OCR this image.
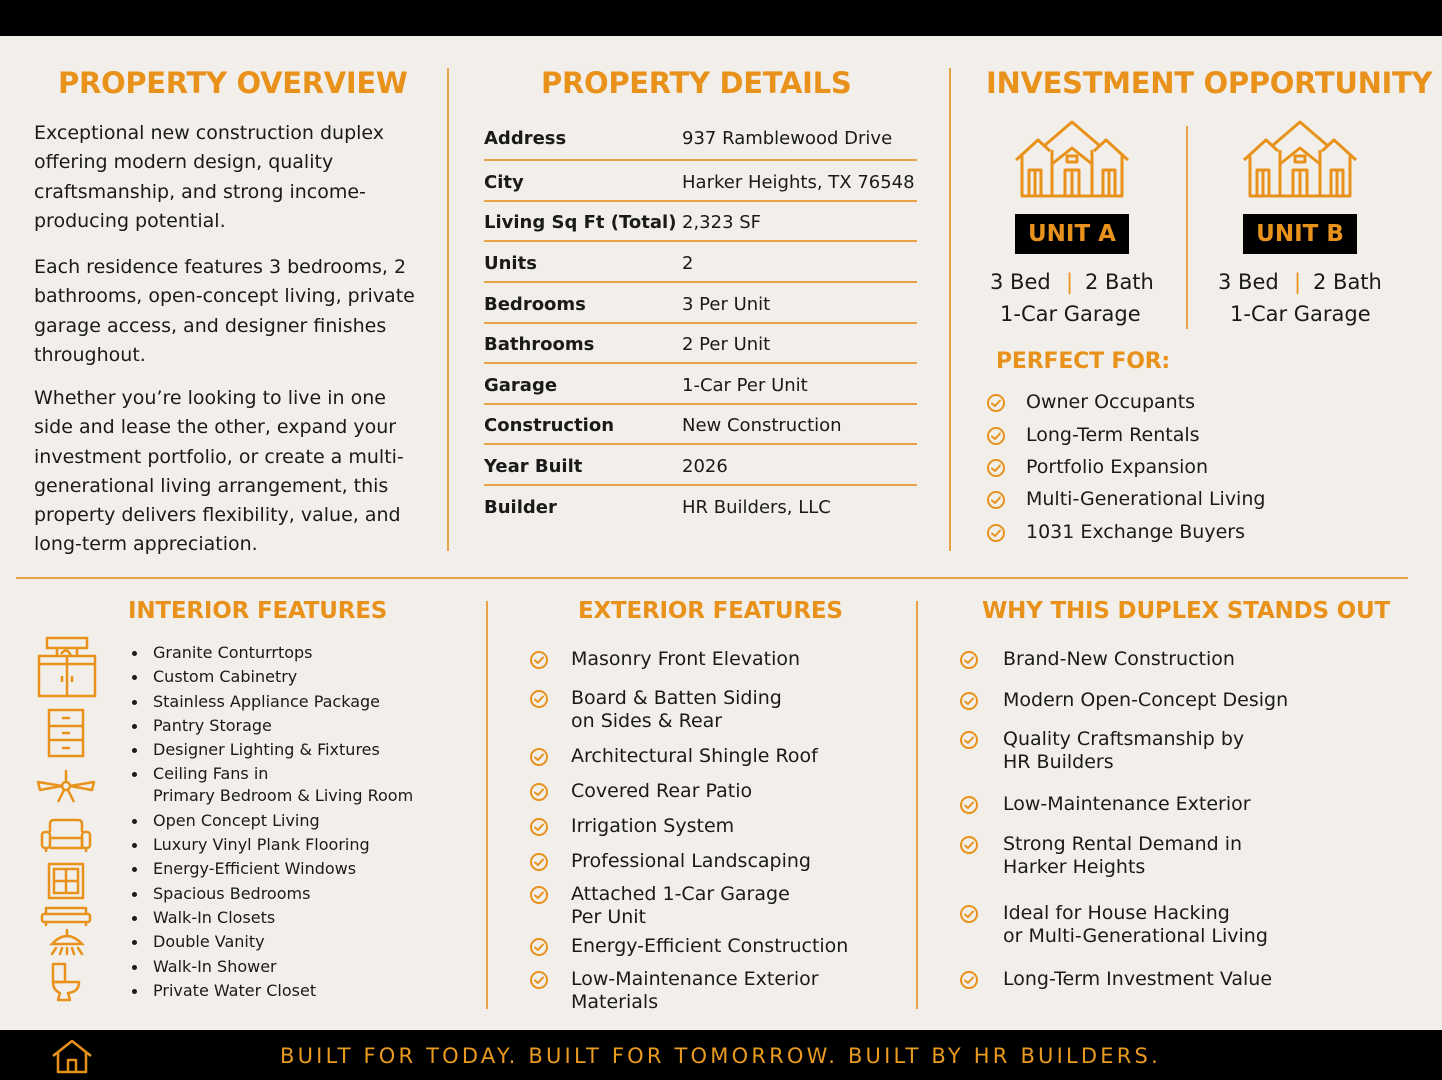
PROPERTY OVERVIEW
Exceptional new construction duplex offering modern design, quality craftsmanship, and strong income-producing potential.
Each residence features 3 bedrooms, 2 bathrooms, open-concept living, private garage access, and designer finishes throughout.
Whether you’re looking to live in one side and lease the other, expand your investment portfolio, or create a multi-generational living arrangement, this property delivers flexibility, value, and long-term appreciation.
PROPERTY DETAILS
Address	937 Ramblewood Drive
City	Harker Heights, TX 76548
Living Sq Ft (Total) 2,323 SF
Units	2
Bedrooms	3 Per Unit
Bathrooms	2 Per Unit
Garage	1-Car Per Unit
Construction	New Construction
Year Built	2026
Builder	HR Builders, LLC
INVESTMENT OPPORTUNITY
UNIT A	UNIT B
3 Bed | 2 Bath
1-Car Garage
3 Bed | 2 Bath
1-Car Garage
PERFECT FOR:
Owner Occupants
Long-Term Rentals
Portfolio Expansion
Multi-Generational Living
1031 Exchange Buyers
INTERIOR FEATURES
Granite Conturrtops
Custom Cabinetry
Stainless Appliance Package
Pantry Storage
Designer Lighting & Fixtures
Ceiling Fans in
Primary Bedroom & Living Room
Open Concept Living
Luxury Vinyl Plank Flooring
Energy-Efficient Windows
Spacious Bedrooms
Walk-In Closets
Double Vanity
Walk-In Shower
Private Water Closet
EXTERIOR FEATURES
Masonry Front Elevation
Board & Batten Siding
on Sides & Rear
Architectural Shingle Roof
Covered Rear Patio
Irrigation System
Professional Landscaping
Attached 1-Car Garage
Per Unit
Energy-Efficient Construction
Low-Maintenance Exterior
Materials
WHY THIS DUPLEX STANDS OUT
Brand-New Construction
Modern Open-Concept Design
Quality Craftsmanship by
HR Builders
Low-Maintenance Exterior
Strong Rental Demand in
Harker Heights
Ideal for House Hacking
or Multi-Generational Living
Long-Term Investment Value
BUILT FOR TODAY. BUILT FOR TOMORROW. BUILT BY HR BUILDERS.
